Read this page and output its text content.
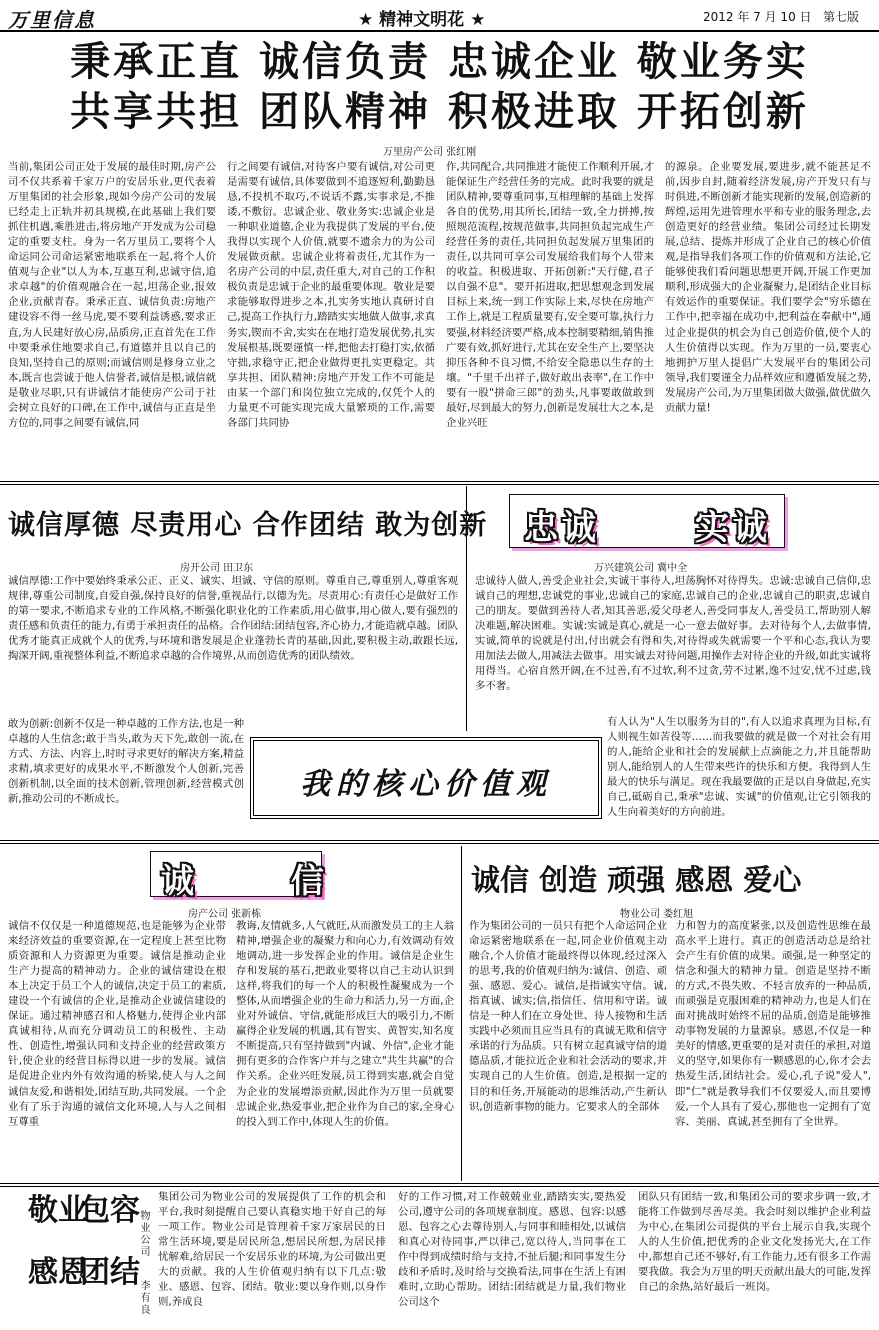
万里信息	★ 精神文明花 ★	2012 年 7 月 10 日 第七版
秉承正直 诚信负责 忠诚企业 敬业务实
共享共担 团队精神 积极进取 开拓创新
万里房产公司 张红刚
当前,集团公司正处于发展的最佳时期,房产公司不仅共系着千家万户的安居乐业,更代表着万里集团的社会形象,现如今房产公司的发展已经走上正轨并初具规模,在此基础上我们要抓住机遇,乘胜进击,将房地产开发成为公司稳定的重要支柱。身为一名万里员工,要将个人命运同公司命运紧密地联系在一起,将个人价值观与企业"以人为本,互惠互利,忠诚守信,追求卓越"的价值观融合在一起,坦荡企业,报效企业,贡献青春。秉承正直、诚信负责:房地产建设容不得一丝马虎,要不要利益诱惑,要求正直,为人民建好放心房,品质房,正直首先在工作中要秉承住地要求自己,有道德并且以自己的良知,坚持自己的原则;而诚信则是修身立业之本,既言也尝诚于他人信誉者,诚信是根,诚信就是敬业尽职,只有讲诚信才能使房产公司于社会树立良好的口碑,在工作中,诚信与正直是坐方位的,同事之间要有诚信,同
行之间要有诚信,对待客户要有诚信,对公司更是需要有诚信,具体要做到不追逐短利,勤勤恳恳,不投机不取巧,不说话不露,实事求是,不推诿,不敷衍。忠诚企业、敬业务实:忠诚企业是一种职业道德,企业为我提供了发展的平台,使我得以实现个人价值,就要不遗余力的为公司发展做贡献。忠诚企业将着责任,尤其作为一名房产公司的中层,责任重大,对自己的工作积极负责是忠诚于企业的最重要体现。敬业是要求能够取得进步之本,扎实务实地认真研讨自己,提高工作执行力,踏踏实实地做人做事,求真务实,锲而不舍,实实在在地打造发展优势,扎实发展根基,既要谨慎一样,把他去打稳打实,依循守拙,求稳守正,把企业做得更扎实更稳定。共享共担、团队精神:房地产开发工作不可能是由某一个部门和岗位独立完成的,仅凭个人的力量更不可能实现完成大量繁琐的工作,需要各部门共同协
作,共同配合,共同推进才能使工作顺利开展,才能保证生产经营任务的完成。此时我要的就是团队精神,要尊重同事,互相理解的基础上发挥各自的优势,用其所长,团结一致,全力拼搏,按照规范流程,按规范做事,共同担负起完成生产经营任务的责任,共同担负起发展万里集团的责任,以共同可享公司发展给我们每个人带来的收益。积极进取、开拓创新:"天行健,君子以自强不息"。要开拓进取,把思想观念到发展目标上来,统一到工作实际上来,尽快在房地产工作上,就是工程质量要有,安全要可靠,执行力要强,材料经济要严格,成本控制要精细,销售推广要有效,抓好进行,尤其在安全生产上,要坚决抑压各种不良习惯,不给安全隐患以生存的土壤。"千里千出祥子,做好敢出表率",在工作中要有一股"拼命三郎"的劲头,凡事要敢做敢到最好,尽到最大的努力,创新是发展壮大之本,是企业兴旺
的源泉。企业要发展,要进步,就不能甚足不前,因步自封,随着经济发展,房产开发只有与时俱进,不断创新才能实现新的发展,创造新的辉煌,运用先进管理水平和专业的服务理念,去创造更好的经营业绩。集团公司经过长期发展,总结、提炼并形成了企业自己的核心价值观,是指导我们各项工作的价值观和方法论,它能够使我们看问题思想更开阔,开展工作更加顺利,形成强大的企业凝聚力,是团结企业目标有效运作的重要保证。我们要学会"穷乐德在工作中,把幸福在成功中,把利益在奉献中",通过企业提供的机会为自己创造价值,使个人的人生价值得以实现。作为万里的一员,要衷心地拥护万里人提倡广大发展平台的集团公司领导,我们要谨全力品样效应和遵循发展之势,发展房产公司,为万里集团做大做强,做优做久贡献力量!
诚信厚德 尽责用心 合作团结 敢为创新
房开公司 田卫东
诚信厚德:工作中要始终秉承公正、正义、诚实、坦诚、守信的原则。尊重自己,尊重别人,尊重客观规律,尊重公司制度,自爱自强,保持良好的信誉,重视品行,以德为先。尽责用心:有责任心是做好工作的第一要求,不断追求专业的工作风格,不断强化职业化的工作素质,用心做事,用心做人,要有强烈的责任感和负责任的能力,有勇于承担责任的品格。合作团结:团结包容,齐心协力,才能造就卓越。团队优秀才能真正成就个人的优秀,与环境和谐发展是企业蓬勃长青的基础,因此,要积极主动,敢跟长远,掏深开阔,重视整体利益,不断追求卓越的合作境界,从而创造优秀的团队绩效。
敢为创新:创新不仅是一种卓越的工作方法,也是一种卓越的人生信念;敢于当头,敢为天下先,敢创一流,在方式、方法、内容上,时时寻求更好的解决方案,精益求精,填求更好的成果水平,不断激发个人创新,完善创新机制,以全面的技术创新,管理创新,经营模式创新,推动公司的不断成长。
忠诚      实诚
万兴建筑公司 冀中全
忠诚待人做人,善受企业社会,实诚干事待人,坦荡胸怀对待得失。忠诚:忠诚自己信仰,忠诚自己的理想,忠诚党的事业,忠诚自己的家庭,忠诚自己的企业,忠诚自己的职责,忠诚自己的朋友。要做到善待人者,知其善恶,爱父母老人,善受同事友人,善受员工,帮助别人解决难题,解决困难。实诚:实诚是真心,就是一心一意去做好事。去对待每个人,去做事情,实诚,简单的说就是付出,付出就会有得和失,对待得或失就需要一个平和心态,我认为要用加法去做人,用减法去做事。用实诚去对待问题,用操作去对待企业的升级,如此实诚将用得当。心宿自然开阔,在不过善,有不过软,利不过贪,劳不过累,逸不过安,忧不过虑,钱多不奢。
有人认为"人生以服务为目的",有人以追求真理为目标,有人则视生如苦役等……而我要做的就是做一个对社会有用的人,能给企业和社会的发展献上点滴能之力,并且能帮助别人,能给别人的人生带来些许的快乐和方便。我得到人生最大的快乐与满足。现在我最要做的正是以自身做起,充实自己,砥砺自己,秉承"忠诚、实诚"的价值观,让它引领我的人生向着美好的方向前进。
我的核心价值观
诚      信
房产公司 张新栋
诚信不仅仅是一种道德规范,也是能够为企业带来经济效益的重要资源,在一定程度上甚至比物质资源和人力资源更为重要。诚信是推动企业生产力提高的精神动力。企业的诚信建设在根本上决定于员工个人的诚信,决定于员工的素质,建设一个有诚信的企业,是推动企业诚信建设的保证。通过精神感召和人格魅力,使得企业内部真诚相待,从而充分调动员工的积极性、主动性、创造性,增强认同和支持企业的经营政策方针,使企业的经营目标得以进一步的发展。诚信是促进企业内外有效沟通的桥梁,使人与人之间诚信友爱,和谐相处,团结互助,共同发展。一个企业有了乐于沟通的诚信文化环境,人与人之间相互尊重
教诲,友情就多,人气就旺,从而激发员工的主人翁精神,增强企业的凝聚力和向心力,有效调动有效地调动,进一步发挥企业的作用。诚信是企业生存和发展的基石,把敢业要将以自己主动认识到这样,将我们的每一个人的积极性凝聚成为一个整体,从而增强企业的生命力和活力,另一方面,企业对外诚信、守信,就能形成巨大的吸引力,不断赢得企业发展的机遇,其有智实、黄智实,知名度不断提高,只有坚持做到"内诚、外信",企业才能拥有更多的合作客户并与之建立"共生共赢"的合作关系。企业兴旺发展,员工得到实惠,就会自觉为企业的发展增添贡献,因此作为万里一员就要忠诚企业,热爱事业,把企业作为自己的家,全身心的投入到工作中,体现人生的价值。
诚信 创造 顽强 感恩 爱心
物业公司 娄红旭
作为集团公司的一员只有把个人命运同企业命运紧密地联系在一起,同企业价值观主动融合,个人价值才能最终得以体现,经过深入的思考,我的价值观归纳为:诚信、创造、顽强、感恩、爱心。诚信,是指诚实守信。诚,指真诚、诚实;信,指信任、信用和守诺。诚信是一种人们在立身处世、待人接物和生活实践中必须而且应当具有的真诚无欺和信守承诺的行为品质。只有树立起真诚守信的道德品质,才能拉近企业和社会活动的要求,并实现自己的人生价值。创造,是根据一定的目的和任务,开展能动的思维活动,产生新认识,创造新事物的能力。它要求人的全部体
力和智力的高度紧张,以及创造性思维在最高水平上进行。真正的创造活动总是给社会产生有价值的成果。顽强,是一种坚定的信念和强大的精神力量。创造是坚持不断的方式,不畏失败、不轻言放弃的一种品质,而顽强是克服困难的精神动力,也是人们在面对挑战时始终不屈的品质,创造是能够推动事物发展的力量源泉。感恩,不仅是一种美好的情感,更重要的是对责任的承担,对道义的坚守,如果你有一颗感恩的心,你才会去热爱生活,团结社会。爱心,孔子说"爱人",即"仁"就是教导我们不仅要爱人,而且要博爱,一个人具有了爱心,那他也一定拥有了宽容、美丽、真诚,甚至拥有了全世界。
敬业
感恩
包容
团结
物业公司
李有良
集团公司为物业公司的发展提供了工作的机会和平台,我时刻提醒自己要认真稳实地干好自己的每一项工作。物业公司是管理着千家万家居民的日常生活环境,要是居民所急,想居民所想,为居民排忧解难,给居民一个安居乐业的环境,为公司做出更大的贡献。我的人生价值观归纳有以下几点:敬业、感恩、包容、团结。敬业:要以身作则,以身作则,养成良
好的工作习惯,对工作兢兢业业,踏踏实实,要热爱公司,遵守公司的各项规章制度。感恩、包容:以感恩、包容之心去尊待别人,与同事和睦相处,以诚信和真心对待同事,严以律己,宽以待人,当同事在工作中得到成绩时给与支持,不扯后腿;和同事发生分歧和矛盾时,及时给与交换看法,同事在生活上有困难时,立助心帮助。团结:团结就是力量,我们物业公司这个
团队只有团结一致,和集团公司的要求步调一致,才能将工作做到尽善尽美。我会时刻以维护企业利益为中心,在集团公司提供的平台上展示自我,实现个人的人生价值,把优秀的企业文化发扬光大,在工作中,都想自己还不够好,有工作能力,还有很多工作需要我做。我会为万里的明天贡献出最大的可能,发挥自己的余热,站好最后一班岗。
